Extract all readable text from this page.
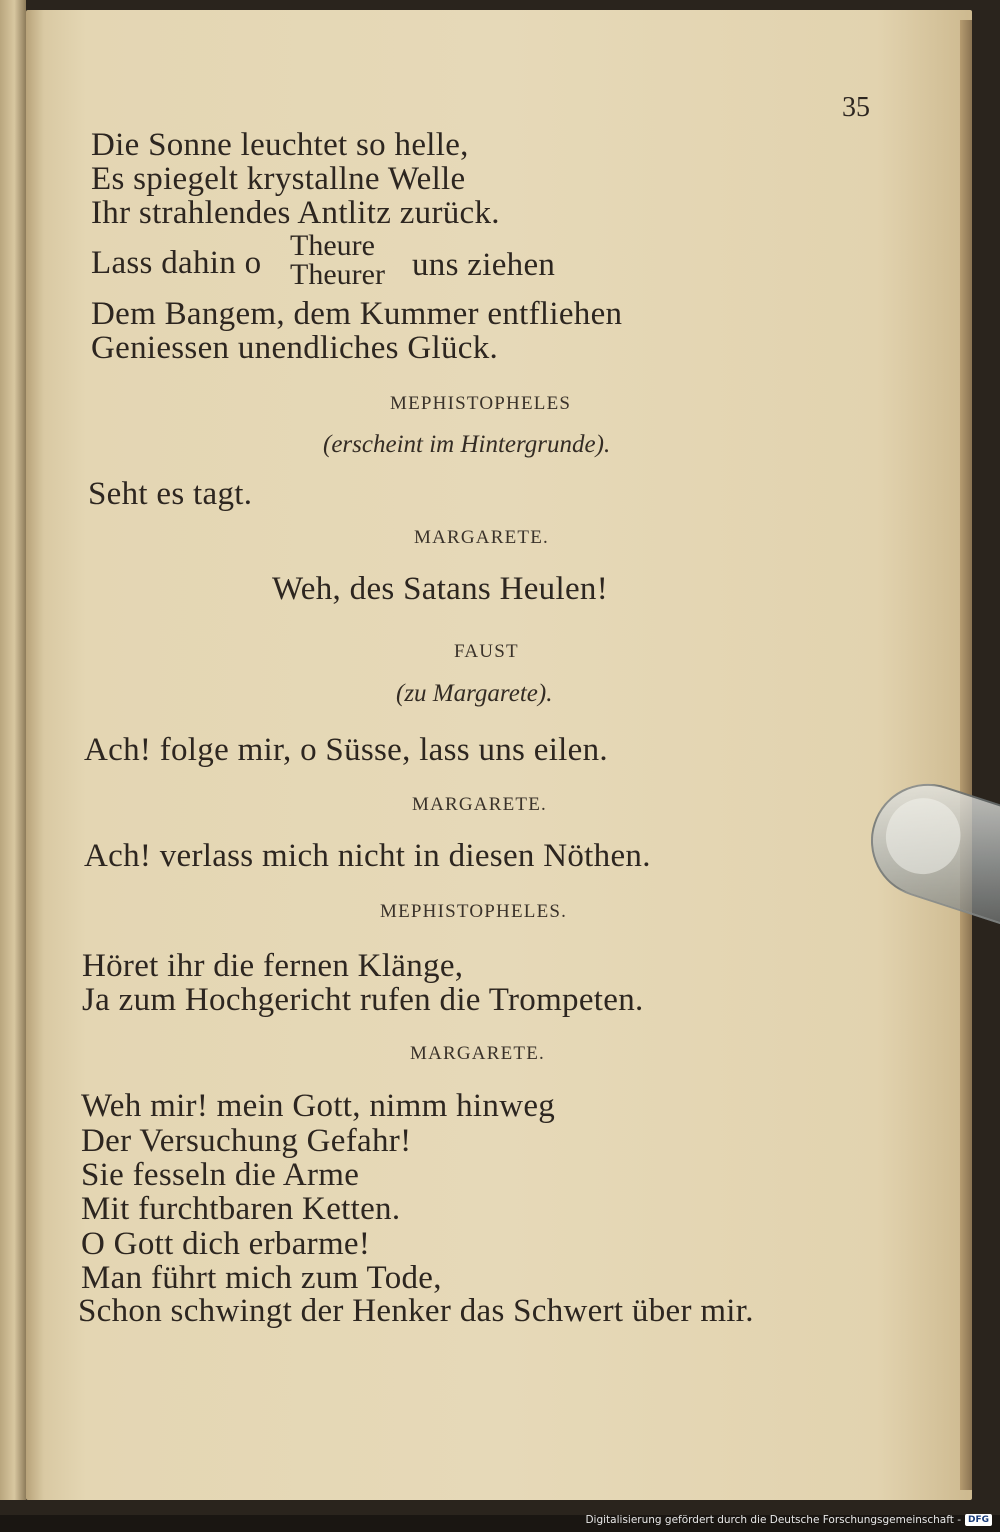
35
Die Sonne leuchtet so helle,
Es spiegelt krystallne Welle
Ihr strahlendes Antlitz zurück.
Lass dahin o Theure
Theurer uns ziehen
Dem Bangem, dem Kummer entfliehen
Geniessen unendliches Glück.
MEPHISTOPHELES
(erscheint im Hintergrunde).
Seht es tagt.
MARGARETE.
Weh, des Satans Heulen!
FAUST
(zu Margarete).
Ach! folge mir, o Süsse, lass uns eilen.
MARGARETE.
Ach! verlass mich nicht in diesen Nöthen.
MEPHISTOPHELES.
Höret ihr die fernen Klänge,
Ja zum Hochgericht rufen die Trompeten.
MARGARETE.
Weh mir! mein Gott, nimm hinweg
Der Versuchung Gefahr!
Sie fesseln die Arme
Mit furchtbaren Ketten.
O Gott dich erbarme!
Man führt mich zum Tode,
Schon schwingt der Henker das Schwert über mir.
Digitalisierung gefördert durch die Deutsche Forschungsgemeinschaft - DFG
